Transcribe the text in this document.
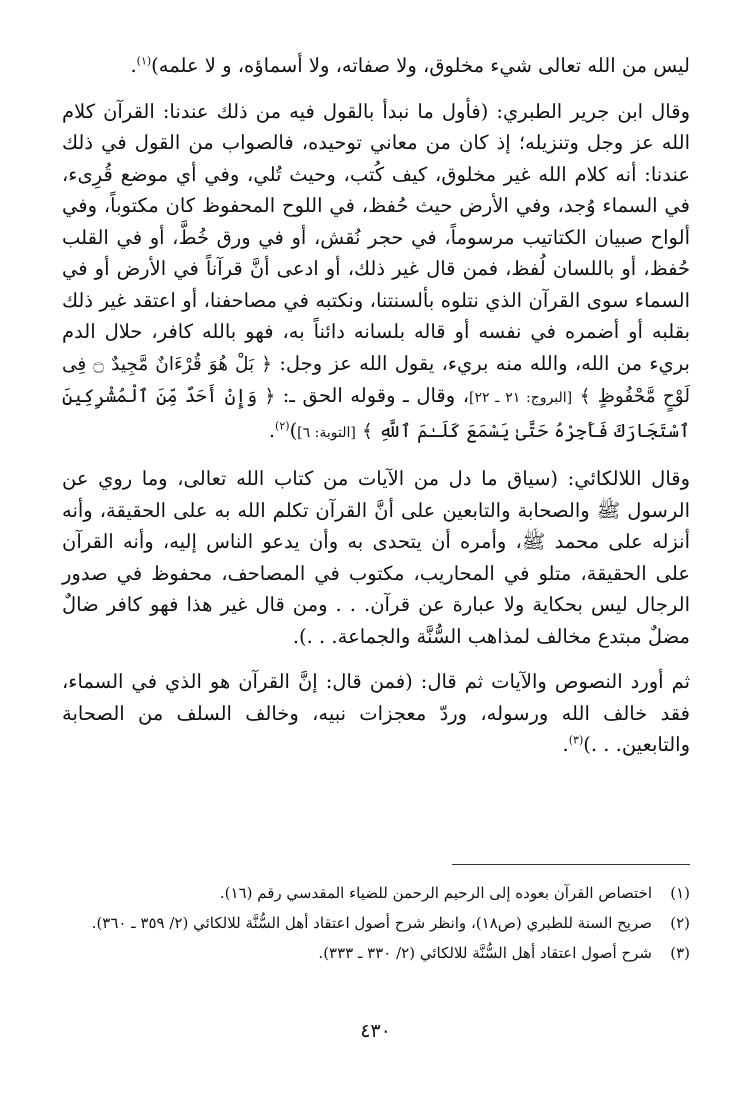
ليس من الله تعالى شيء مخلوق، ولا صفاته، ولا أسماؤه، و لا علمه)$^{(١)}$.

وقال ابن جرير الطبري: (فأول ما نبدأ بالقول فيه من ذلك عندنا: القرآن كلام الله عز وجل وتنزيله؛ إذ كان من معاني توحيده، فالصواب من القول في ذلك عندنا: أنه كلام الله غير مخلوق، كيف كُتب، وحيث تُلي، وفي أي موضع قُرِىء، في السماء وُجد، وفي الأرض حيث حُفظ، في اللوح المحفوظ كان مكتوباً، وفي ألواح صبيان الكتاتيب مرسوماً، في حجر نُقش، أو في ورق خُطَّ، أو في القلب حُفظ، أو باللسان لُفظ، فمن قال غير ذلك، أو ادعى أنَّ قرآناً في الأرض أو في السماء سوى القرآن الذي نتلوه بألسنتنا، ونكتبه في مصاحفنا، أو اعتقد غير ذلك بقلبه أو أضمره في نفسه أو قاله بلسانه دائناً به، فهو بالله كافر، حلال الدم بريء من الله، والله منه بريء، يقول الله عز وجل: ﴿ بَلْ هُوَ قُرْءَانٌ مَّجِيدٌ ۝ فِى لَوْحٍ مَّحْفُوظٍ ﴾ [البروج: ٢١ ـ ٢٢]، وقال ـ وقوله الحق ـ: ﴿ وَإِنْ أَحَدٌ مِّنَ ٱلْمُشْرِكِينَ ٱسْتَجَارَكَ فَأَجِرْهُ حَتَّىٰ يَسْمَعَ كَلَـٰمَ ٱللَّهِ ﴾ [التوبة: ٦])$^{(٢)}$.

وقال اللالكائي: (سياق ما دل من الآيات من كتاب الله تعالى، وما روي عن الرسول ﷺ والصحابة والتابعين على أنَّ القرآن تكلم الله به على الحقيقة، وأنه أنزله على محمد ﷺ، وأمره أن يتحدى به وأن يدعو الناس إليه، وأنه القرآن على الحقيقة، متلو في المحاريب، مكتوب في المصاحف، محفوظ في صدور الرجال ليس بحكاية ولا عبارة عن قرآن. . . ومن قال غير هذا فهو كافر ضالٌ مضلٌ مبتدع مخالف لمذاهب السُّنَّة والجماعة. . .).

ثم أورد النصوص والآيات ثم قال: (فمن قال: إنَّ القرآن هو الذي في السماء، فقد خالف الله ورسوله، وردّ معجزات نبيه، وخالف السلف من الصحابة والتابعين. . .)$^{(٣)}$.

(١)
اختصاص القرآن بعوده إلى الرحيم الرحمن للضياء المقدسي رقم (١٦).
(٢)
صريح السنة للطبري (ص١٨)، وانظر شرح أصول اعتقاد أهل السُّنَّة للالكائي (٢/ ٣٥٩ ـ ٣٦٠).
(٣)
شرح أصول اعتقاد أهل السُّنَّة للالكائي (٢/ ٣٣٠ ـ ٣٣٣).
٤٣٠
